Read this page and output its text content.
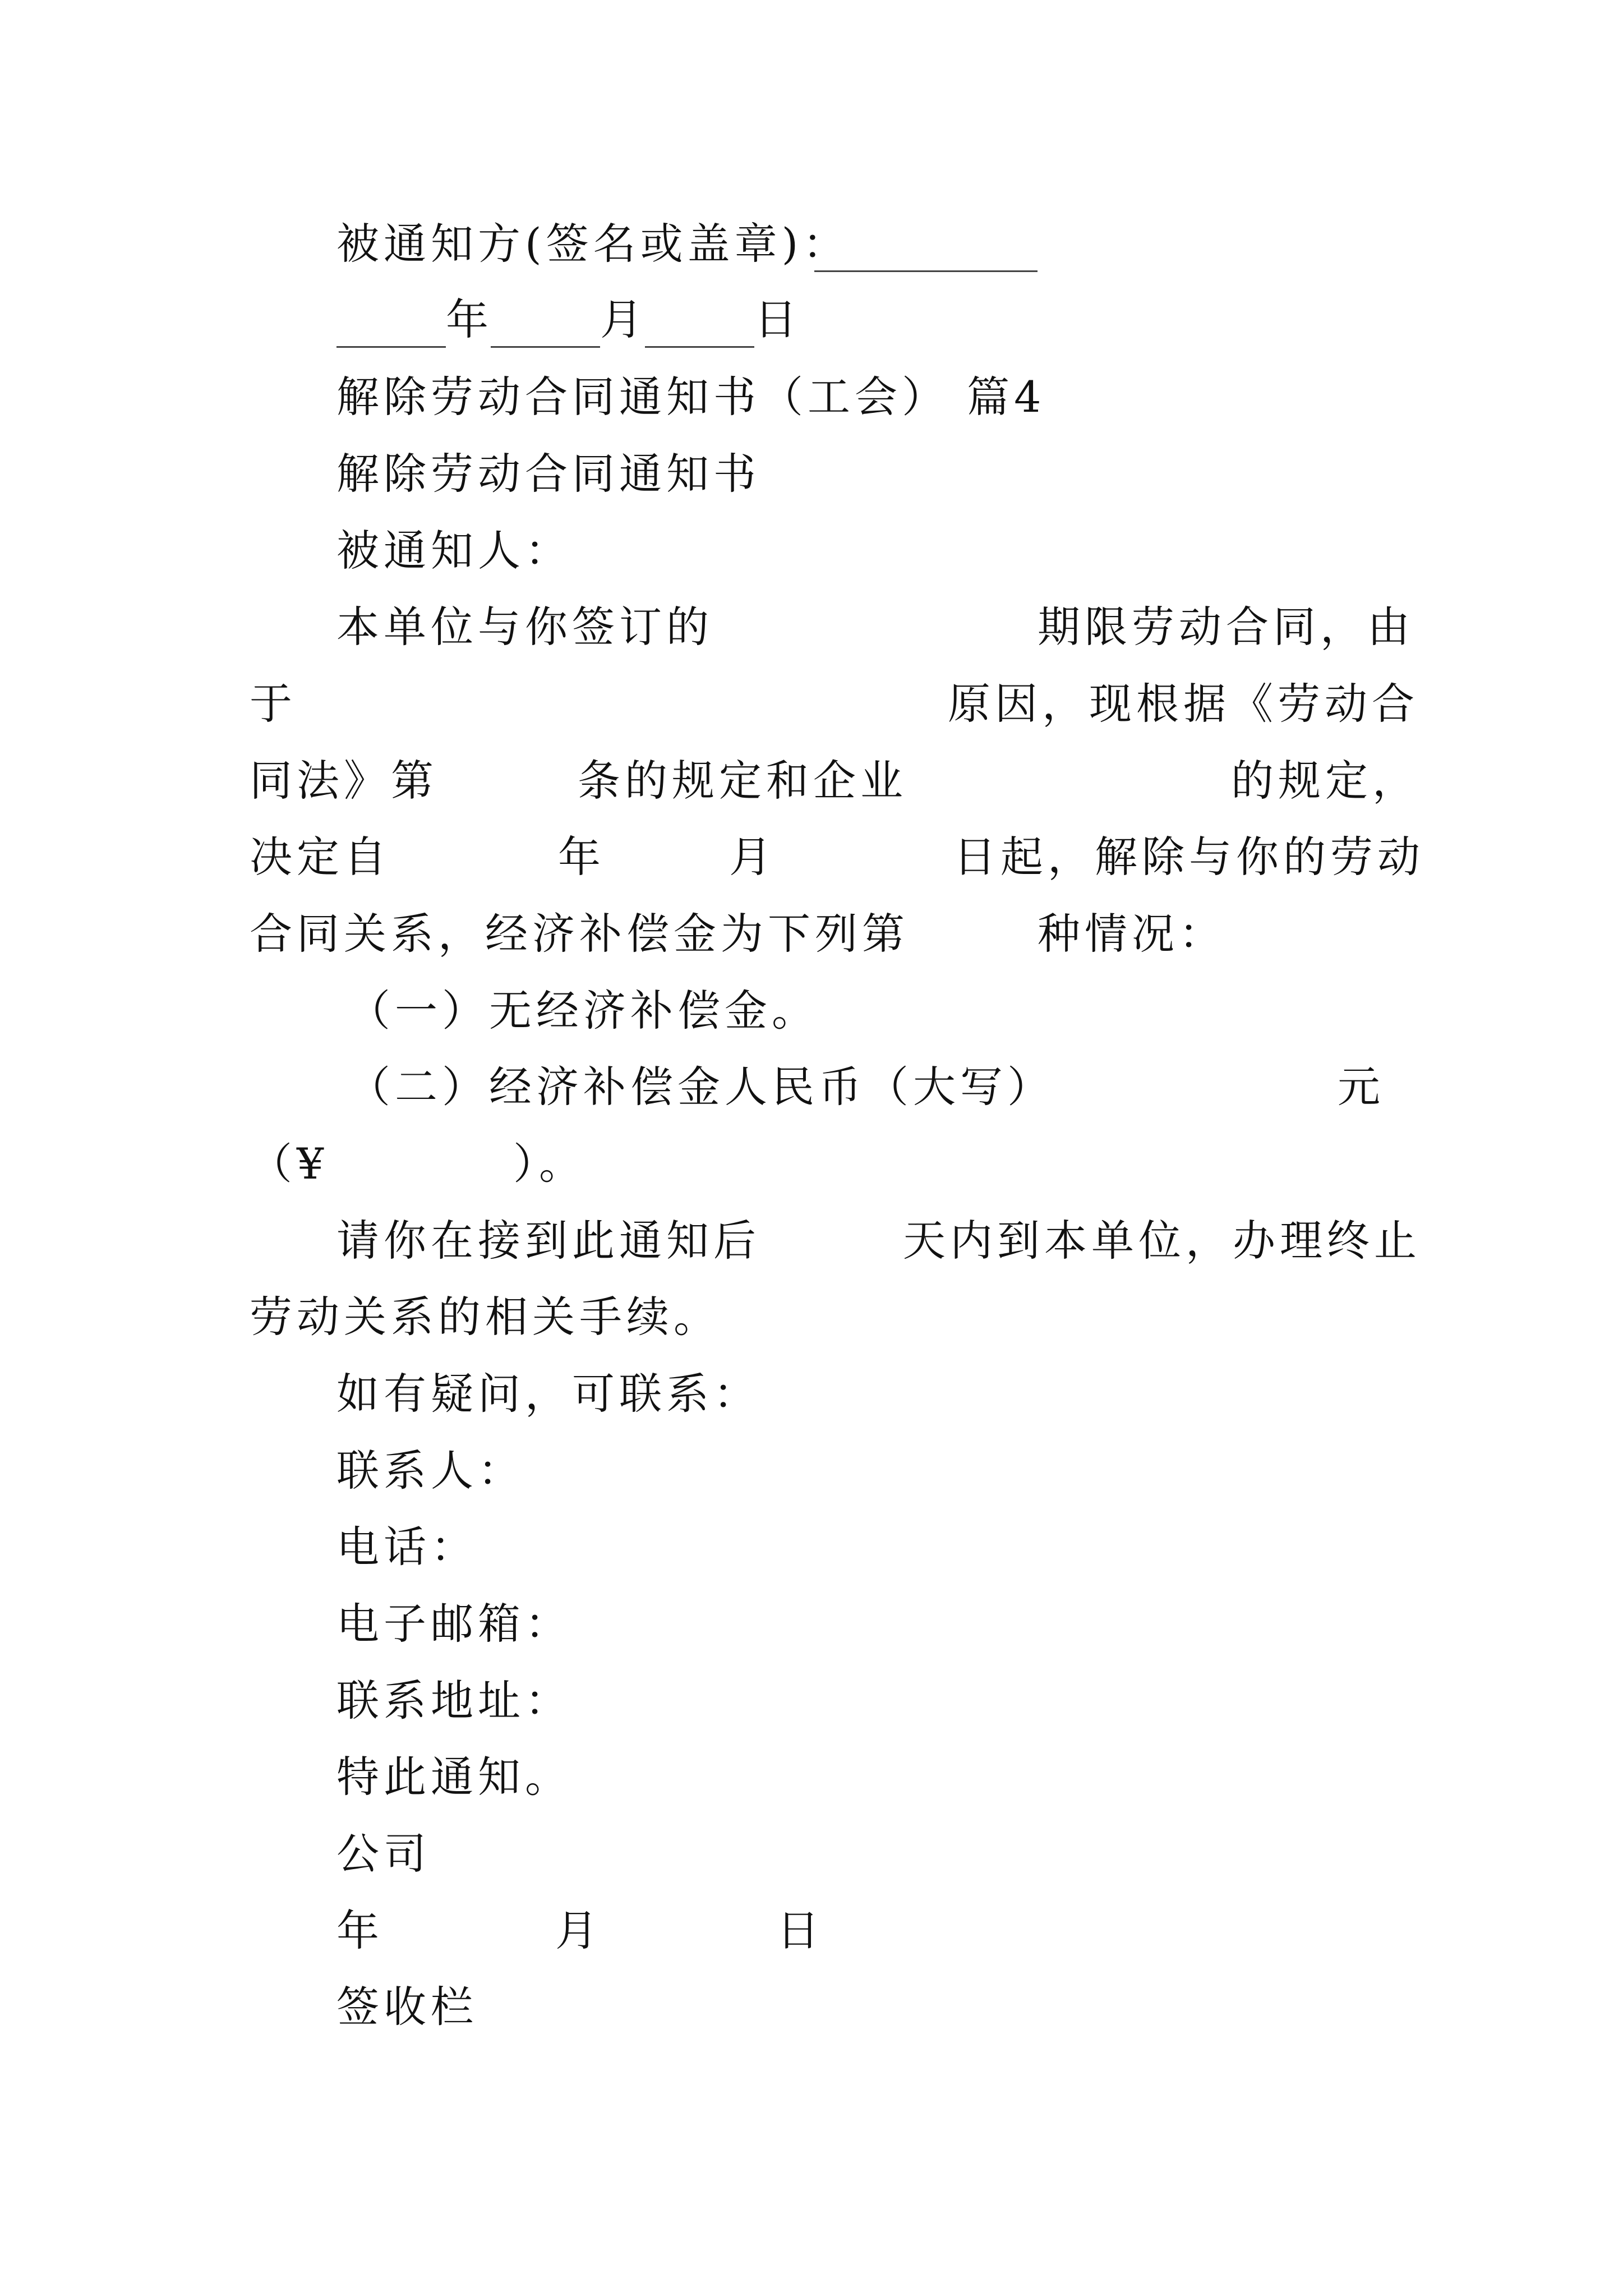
被通知方(签名或盖章)：
年	月	日
解除劳动合同通知书（工会） 篇4
解除劳动合同通知书
被通知人：
本单位与你签订的	期限劳动合同，由
于	原因，现根据《劳动合
同法》第	条的规定和企业	的规定，
决定自	年	月	日起，解除与你的劳动
合同关系，经济补偿金为下列第	种情况：
（一）无经济补偿金。
（二）经济补偿金人民币（大写）	元
（¥	）。
请你在接到此通知后	天内到本单位，办理终止
劳动关系的相关手续。
如有疑问，可联系：
联系人：
电话：
电子邮箱：
联系地址：
特此通知。
公司
年	月	日
签收栏
